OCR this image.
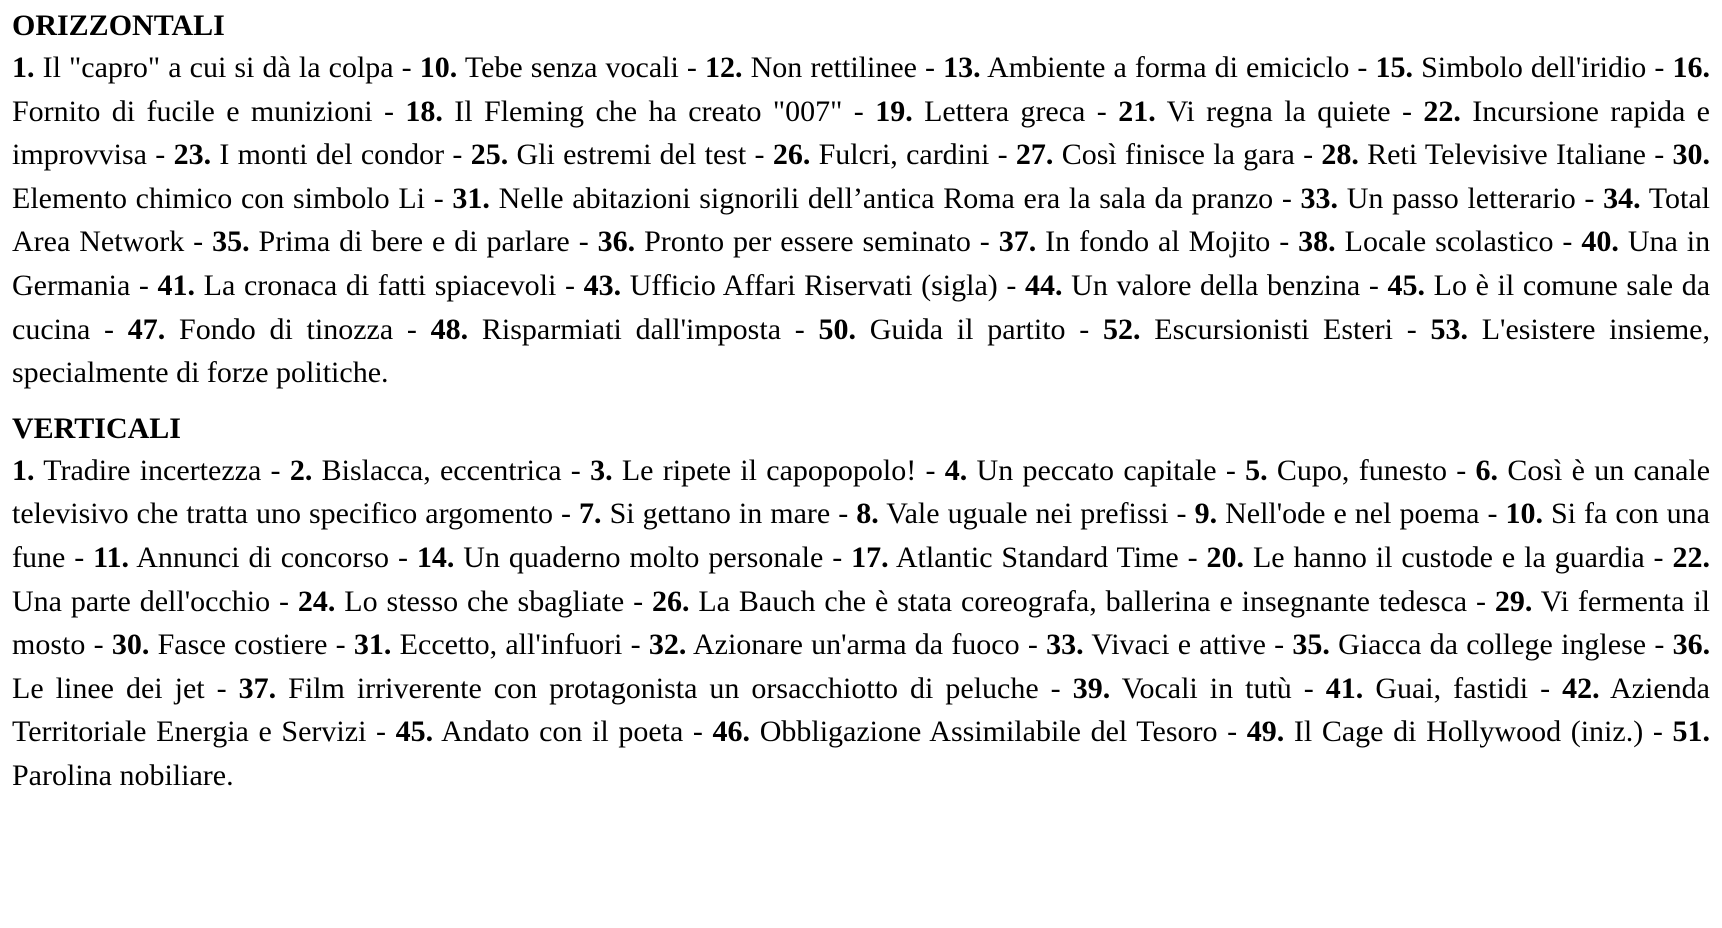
ORIZZONTALI

1. Il "capro" a cui si dà la colpa - 10. Tebe senza vocali - 12. Non rettilinee - 13. Ambiente a forma di emiciclo - 15. Simbolo dell'iridio - 16. Fornito di fucile e munizioni - 18. Il Fleming che ha creato "007" - 19. Lettera greca - 21. Vi regna la quiete - 22. Incursione rapida e improvvisa - 23. I monti del condor - 25. Gli estremi del test - 26. Fulcri, cardini - 27. Così finisce la gara - 28. Reti Televisive Italiane - 30. Elemento chimico con simbolo Li - 31. Nelle abitazioni signorili dell’antica Roma era la sala da pranzo - 33. Un passo letterario - 34. Total Area Network - 35. Prima di bere e di parlare - 36. Pronto per essere seminato - 37. In fondo al Mojito - 38. Locale scolastico - 40. Una in Germania - 41. La cronaca di fatti spiacevoli - 43. Ufficio Affari Riservati (sigla) - 44. Un valore della benzina - 45. Lo è il comune sale da cucina - 47. Fondo di tinozza - 48. Risparmiati dall'imposta - 50. Guida il partito - 52. Escursionisti Esteri - 53. L'esistere insieme, specialmente di forze politiche.

VERTICALI

1. Tradire incertezza - 2. Bislacca, eccentrica - 3. Le ripete il capopopolo! - 4. Un peccato capitale - 5. Cupo, funesto - 6. Così è un canale televisivo che tratta uno specifico argomento - 7. Si gettano in mare - 8. Vale uguale nei prefissi - 9. Nell'ode e nel poema - 10. Si fa con una fune - 11. Annunci di concorso - 14. Un quaderno molto personale - 17. Atlantic Standard Time - 20. Le hanno il custode e la guardia - 22. Una parte dell'occhio - 24. Lo stesso che sbagliate - 26. La Bauch che è stata coreografa, ballerina e insegnante tedesca - 29. Vi fermenta il mosto - 30. Fasce costiere - 31. Eccetto, all'infuori - 32. Azionare un'arma da fuoco - 33. Vivaci e attive - 35. Giacca da college inglese - 36. Le linee dei jet - 37. Film irriverente con protagonista un orsacchiotto di peluche - 39. Vocali in tutù - 41. Guai, fastidi - 42. Azienda Territoriale Energia e Servizi - 45. Andato con il poeta - 46. Obbligazione Assimilabile del Tesoro - 49. Il Cage di Hollywood (iniz.) - 51. Parolina nobiliare.
